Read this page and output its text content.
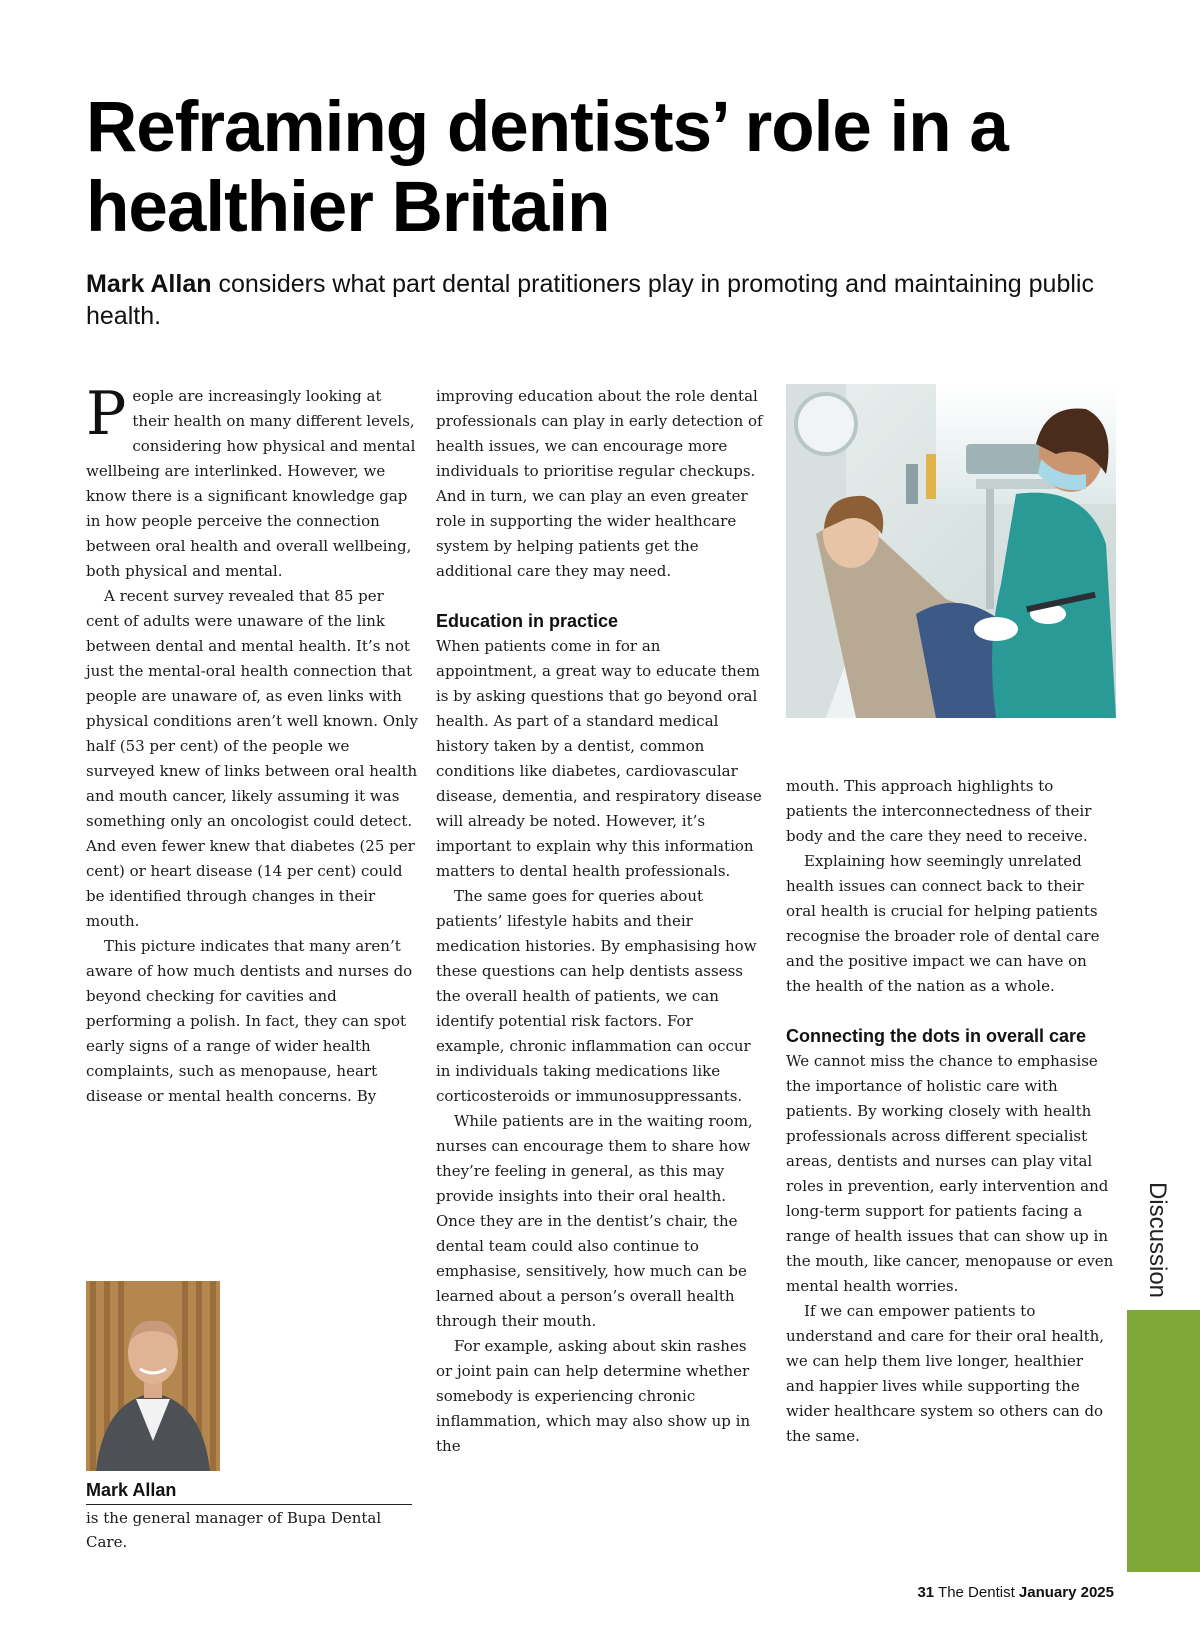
Reframing dentists’ role in a healthier Britain

Mark Allan considers what part dental pratitioners play in promoting and maintaining public health.

People are increasingly looking at their health on many different levels, considering how physical and mental wellbeing are interlinked. However, we know there is a significant knowledge gap in how people perceive the connection between oral health and overall wellbeing, both physical and mental.

A recent survey revealed that 85 per cent of adults were unaware of the link between dental and mental health. It’s not just the mental-oral health connection that people are unaware of, as even links with physical conditions aren’t well known. Only half (53 per cent) of the people we surveyed knew of links between oral health and mouth cancer, likely assuming it was something only an oncologist could detect. And even fewer knew that diabetes (25 per cent) or heart disease (14 per cent) could be identified through changes in their mouth.

This picture indicates that many aren’t aware of how much dentists and nurses do beyond checking for cavities and performing a polish. In fact, they can spot early signs of a range of wider health complaints, such as menopause, heart disease or mental health concerns. By

improving education about the role dental professionals can play in early detection of health issues, we can encourage more individuals to prioritise regular checkups. And in turn, we can play an even greater role in supporting the wider healthcare system by helping patients get the additional care they may need.

Education in practice

When patients come in for an appointment, a great way to educate them is by asking questions that go beyond oral health. As part of a standard medical history taken by a dentist, common conditions like diabetes, cardiovascular disease, dementia, and respiratory disease will already be noted. However, it’s important to explain why this information matters to dental health professionals.

The same goes for queries about patients’ lifestyle habits and their medication histories. By emphasising how these questions can help dentists assess the overall health of patients, we can identify potential risk factors. For example, chronic inflammation can occur in individuals taking medications like corticosteroids or immunosuppressants.

While patients are in the waiting room, nurses can encourage them to share how they’re feeling in general, as this may provide insights into their oral health. Once they are in the dentist’s chair, the dental team could also continue to emphasise, sensitively, how much can be learned about a person’s overall health through their mouth.

For example, asking about skin rashes or joint pain can help determine whether somebody is experiencing chronic inflammation, which may also show up in the

mouth. This approach highlights to patients the interconnectedness of their body and the care they need to receive.

Explaining how seemingly unrelated health issues can connect back to their oral health is crucial for helping patients recognise the broader role of dental care and the positive impact we can have on the health of the nation as a whole.

Connecting the dots in overall care

We cannot miss the chance to emphasise the importance of holistic care with patients. By working closely with health professionals across different specialist areas, dentists and nurses can play vital roles in prevention, early intervention and long-term support for patients facing a range of health issues that can show up in the mouth, like cancer, menopause or even mental health worries.

If we can empower patients to understand and care for their oral health, we can help them live longer, healthier and happier lives while supporting the wider healthcare system so others can do the same.

Mark Allan

is the general manager of Bupa Dental Care.

Discussion
31 The Dentist January 2025
